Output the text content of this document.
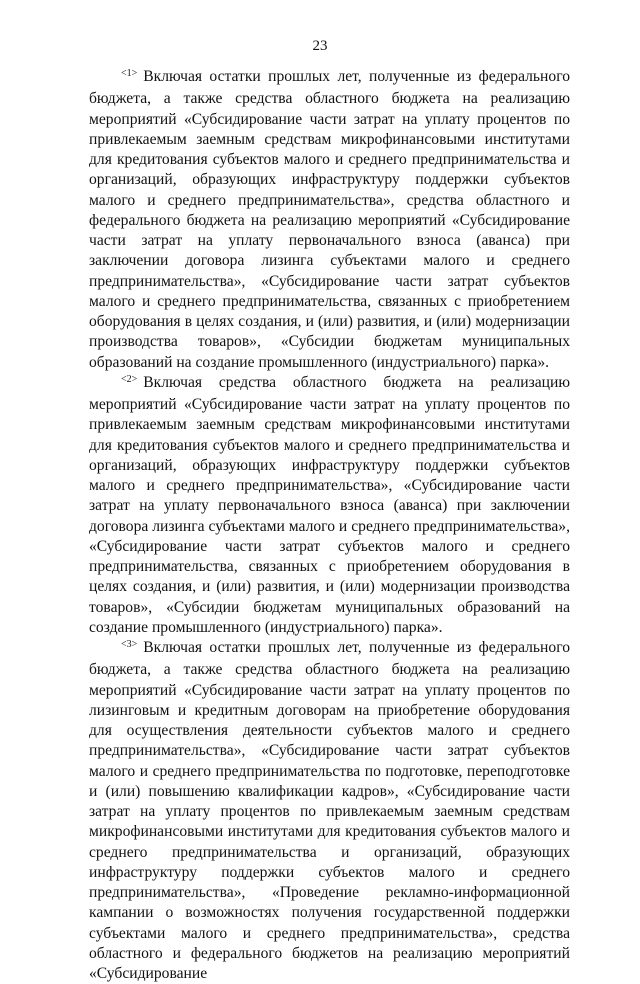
23

$^{<1>}$ Включая остатки прошлых лет, полученные из федерального бюджета, а также средства областного бюджета на реализацию мероприятий «Субсидирование части затрат на уплату процентов по привлекаемым заемным средствам микрофинансовыми институтами для кредитования субъектов малого и среднего предпринимательства и организаций, образующих инфраструктуру поддержки субъектов малого и среднего предпринимательства», средства областного и федерального бюджета на реализацию мероприятий «Субсидирование части затрат на уплату первоначального взноса (аванса) при заключении договора лизинга субъектами малого и среднего предпринимательства», «Субсидирование части затрат субъектов малого и среднего предпринимательства, связанных с приобретением оборудования в целях создания, и (или) развития, и (или) модернизации производства товаров», «Субсидии бюджетам муниципальных образований на создание промышленного (индустриального) парка».

$^{<2>}$ Включая средства областного бюджета на реализацию мероприятий «Субсидирование части затрат на уплату процентов по привлекаемым заемным средствам микрофинансовыми институтами для кредитования субъектов малого и среднего предпринимательства и организаций, образующих инфраструктуру поддержки субъектов малого и среднего предпринимательства», «Субсидирование части затрат на уплату первоначального взноса (аванса) при заключении договора лизинга субъектами малого и среднего предпринимательства», «Субсидирование части затрат субъектов малого и среднего предпринимательства, связанных с приобретением оборудования в целях создания, и (или) развития, и (или) модернизации производства товаров», «Субсидии бюджетам муниципальных образований на создание промышленного (индустриального) парка».

$^{<3>}$ Включая остатки прошлых лет, полученные из федерального бюджета, а также средства областного бюджета на реализацию мероприятий «Субсидирование части затрат на уплату процентов по лизинговым и кредитным договорам на приобретение оборудования для осуществления деятельности субъектов малого и среднего предпринимательства», «Субсидирование части затрат субъектов малого и среднего предпринимательства по подготовке, переподготовке и (или) повышению квалификации кадров», «Субсидирование части затрат на уплату процентов по привлекаемым заемным средствам микрофинансовыми институтами для кредитования субъектов малого и среднего предпринимательства и организаций, образующих инфраструктуру поддержки субъектов малого и среднего предпринимательства», «Проведение рекламно-информационной кампании о возможностях получения государственной поддержки субъектами малого и среднего предпринимательства», средства областного и федерального бюджетов на реализацию мероприятий «Субсидирование
